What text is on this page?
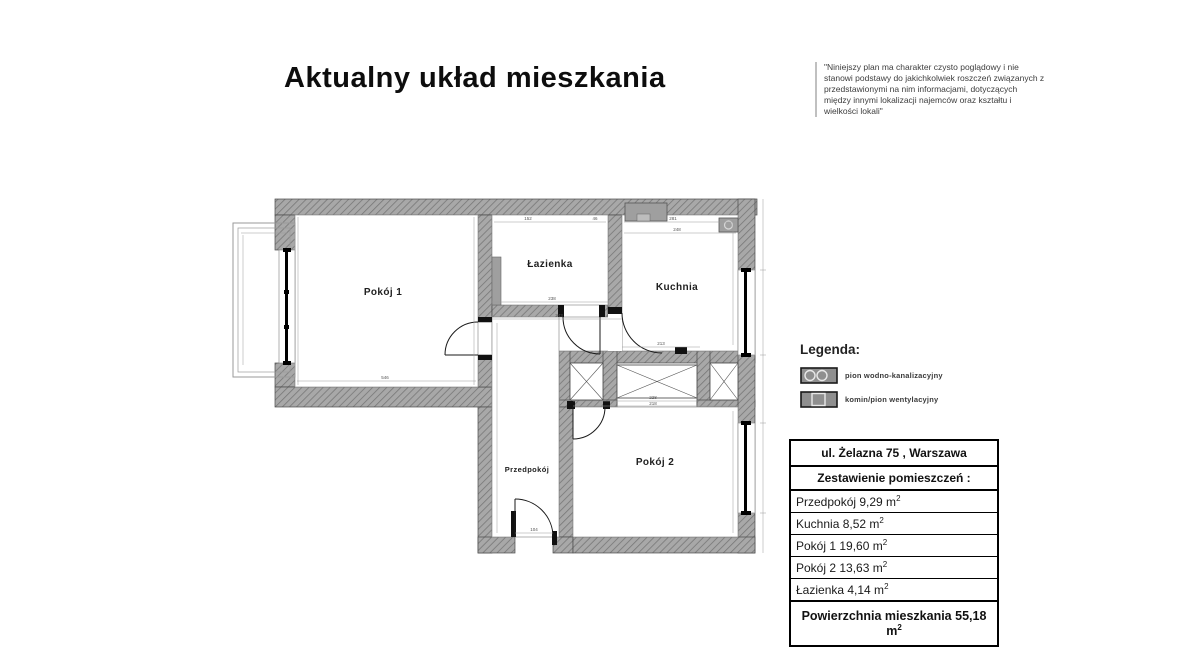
Aktualny układ mieszkania	"Niniejszy plan ma charakter czysto poglądowy i nie stanowi podstawy do jakichkolwiek roszczeń związanych z przedstawionymi na nim informacjami, dotyczących między innymi lokalizacji najemców oraz kształtu i wielkości lokali"
546
238
243
104
152	46	281
248
213
228
218
Pokój 1
Łazienka
Kuchnia
Przedpokój
Pokój 2
Legenda:
pion wodno-kanalizacyjny
komin/pion wentylacyjny
ul. Żelazna 75 , Warszawa
Zestawienie pomieszczeń :
Przedpokój 9,29 $m^2$
Kuchnia 8,52 $m^2$
Pokój 1 19,60 $m^2$
Pokój 2 13,63 $m^2$
Łazienka 4,14 $m^2$
Powierzchnia mieszkania 55,18 $m^2$
